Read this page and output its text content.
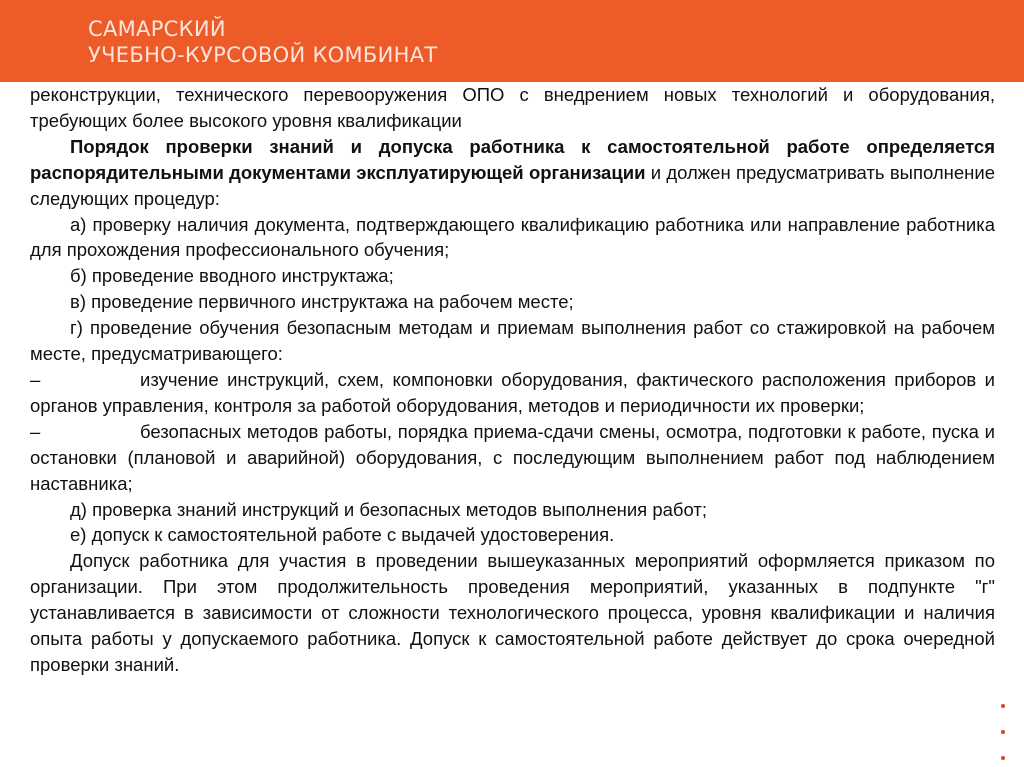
САМАРСКИЙ
УЧЕБНО-КУРСОВОЙ КОМБИНАТ

реконструкции, технического перевооружения ОПО с внедрением новых технологий и оборудования, требующих более высокого уровня квалификации

Порядок проверки знаний и допуска работника к самостоятельной работе определяется распорядительными документами эксплуатирующей организации и должен предусматривать выполнение следующих процедур:

а) проверку наличия документа, подтверждающего квалификацию работника или направление работника для прохождения профессионального обучения;

б) проведение вводного инструктажа;

в) проведение первичного инструктажа на рабочем месте;

г) проведение обучения безопасным методам и приемам выполнения работ со стажировкой на рабочем месте, предусматривающего:

–	изучение инструкций, схем, компоновки оборудования, фактического расположения приборов и органов управления, контроля за работой оборудования, методов и периодичности их проверки;

–	безопасных методов работы, порядка приема-сдачи смены, осмотра, подготовки к работе, пуска и остановки (плановой и аварийной) оборудования, с последующим выполнением работ под наблюдением наставника;

д) проверка знаний инструкций и безопасных методов выполнения работ;

е) допуск к самостоятельной работе с выдачей удостоверения.

Допуск работника для участия в проведении вышеуказанных мероприятий оформляется приказом по организации. При этом продолжительность проведения мероприятий, указанных в подпункте "г" устанавливается в зависимости от сложности технологического процесса, уровня квалификации и наличия опыта работы у допускаемого работника. Допуск к самостоятельной работе действует до срока очередной проверки знаний.
